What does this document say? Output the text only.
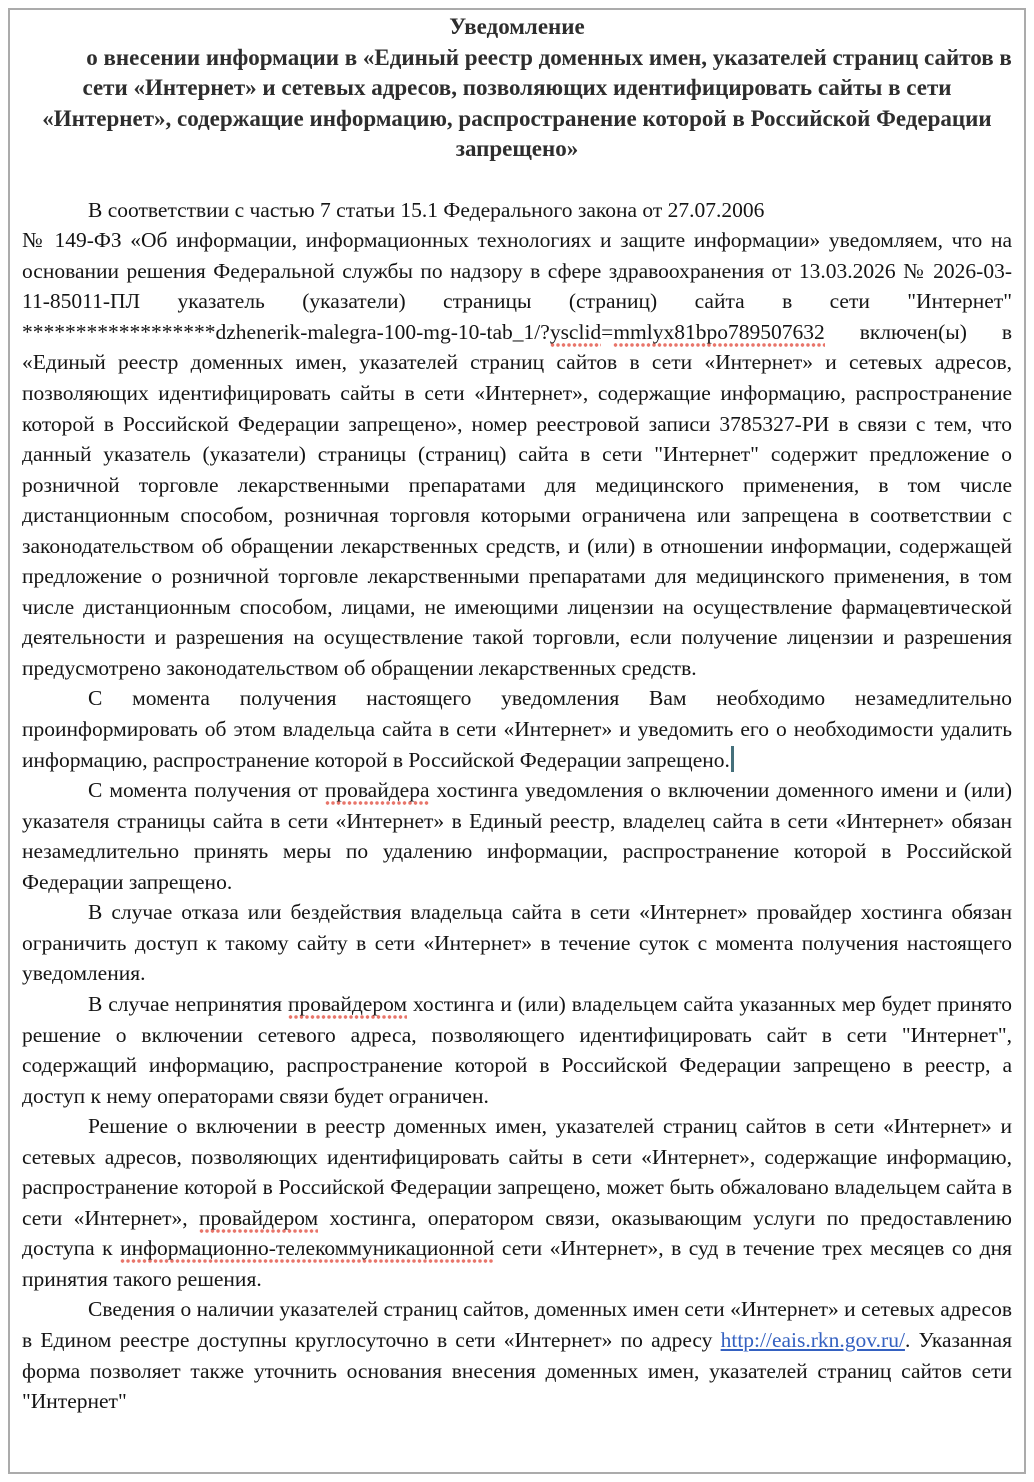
Уведомление
о внесении информации в «Единый реестр доменных имен, указателей страниц сайтов в сети «Интернет» и сетевых адресов, позволяющих идентифицировать сайты в сети «Интернет», содержащие информацию, распространение которой в Российской Федерации запрещено»

В соответствии с частью 7 статьи 15.1 Федерального закона от 27.07.2006
№ 149-ФЗ «Об информации, информационных технологиях и защите информации» уведомляем, что на основании решения Федеральной службы по надзору в сфере здравоохранения от 13.03.2026 № 2026-03-11-85011-ПЛ указатель (указатели) страницы (страниц) сайта в сети "Интернет" ******************dzhenerik-malegra-100-mg-10-tab_1/?ysclid=mmlyx81bpo789507632 включен(ы) в «Единый реестр доменных имен, указателей страниц сайтов в сети «Интернет» и сетевых адресов, позволяющих идентифицировать сайты в сети «Интернет», содержащие информацию, распространение которой в Российской Федерации запрещено», номер реестровой записи 3785327-РИ в связи с тем, что данный указатель (указатели) страницы (страниц) сайта в сети "Интернет" содержит предложение о розничной торговле лекарственными препаратами для медицинского применения, в том числе дистанционным способом, розничная торговля которыми ограничена или запрещена в соответствии с законодательством об обращении лекарственных средств, и (или) в отношении информации, содержащей предложение о розничной торговле лекарственными препаратами для медицинского применения, в том числе дистанционным способом, лицами, не имеющими лицензии на осуществление фармацевтической деятельности и разрешения на осуществление такой торговли, если получение лицензии и разрешения предусмотрено законодательством об обращении лекарственных средств.

С момента получения настоящего уведомления Вам необходимо незамедлительно проинформировать об этом владельца сайта в сети «Интернет» и уведомить его о необходимости удалить информацию, распространение которой в Российской Федерации запрещено.

С момента получения от провайдера хостинга уведомления о включении доменного имени и (или) указателя страницы сайта в сети «Интернет» в Единый реестр, владелец сайта в сети «Интернет» обязан незамедлительно принять меры по удалению информации, распространение которой в Российской Федерации запрещено.

В случае отказа или бездействия владельца сайта в сети «Интернет» провайдер хостинга обязан ограничить доступ к такому сайту в сети «Интернет» в течение суток с момента получения настоящего уведомления.

В случае непринятия провайдером хостинга и (или) владельцем сайта указанных мер будет принято решение о включении сетевого адреса, позволяющего идентифицировать сайт в сети "Интернет", содержащий информацию, распространение которой в Российской Федерации запрещено в реестр, а доступ к нему операторами связи будет ограничен.

Решение о включении в реестр доменных имен, указателей страниц сайтов в сети «Интернет» и сетевых адресов, позволяющих идентифицировать сайты в сети «Интернет», содержащие информацию, распространение которой в Российской Федерации запрещено, может быть обжаловано владельцем сайта в сети «Интернет», провайдером хостинга, оператором связи, оказывающим услуги по предоставлению доступа к информационно-телекоммуникационной сети «Интернет», в суд в течение трех месяцев со дня принятия такого решения.

Сведения о наличии указателей страниц сайтов, доменных имен сети «Интернет» и сетевых адресов в Едином реестре доступны круглосуточно в сети «Интернет» по адресу http://eais.rkn.gov.ru/. Указанная форма позволяет также уточнить основания внесения доменных имен, указателей страниц сайтов сети "Интернет"
